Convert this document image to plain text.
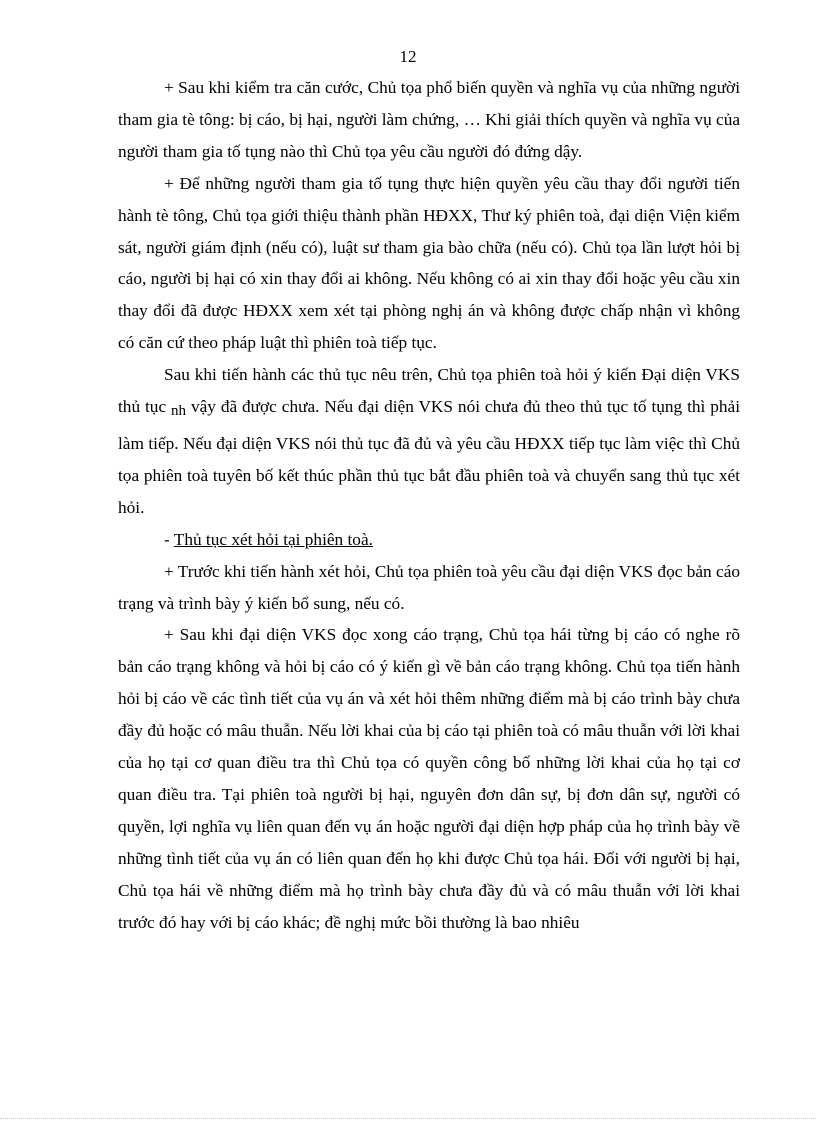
12

+ Sau khi kiểm tra căn cước, Chủ tọa phổ biến quyền và nghĩa vụ của những người tham gia tè tông: bị cáo, bị hại, người làm chứng, … Khi giải thích quyền và nghĩa vụ của người tham gia tố tụng nào thì Chủ tọa yêu cầu người đó đứng dậy.

+ Để những người tham gia tố tụng thực hiện quyền yêu cầu thay đổi người tiến hành tè tông, Chủ tọa giới thiệu thành phần HĐXX, Thư ký phiên toà, đại diện Viện kiểm sát, người giám định (nếu có), luật sư tham gia bào chữa (nếu có). Chủ tọa lần lượt hỏi bị cáo, người bị hại có xin thay đổi ai không. Nếu không có ai xin thay đổi hoặc yêu cầu xin thay đổi đã được HĐXX xem xét tại phòng nghị án và không được chấp nhận vì không có căn cứ theo pháp luật thì phiên toà tiếp tục.

Sau khi tiến hành các thủ tục nêu trên, Chủ tọa phiên toà hỏi ý kiến Đại diện VKS thủ tục nh vậy đã được chưa. Nếu đại diện VKS nói chưa đủ theo thủ tục tố tụng thì phải làm tiếp. Nếu đại diện VKS nói thủ tục đã đủ và yêu cầu HĐXX tiếp tục làm việc thì Chủ tọa phiên toà tuyên bố kết thúc phần thủ tục bắt đầu phiên toà và chuyển sang thủ tục xét hỏi.

- Thủ tục xét hỏi tại phiên toà.

+ Trước khi tiến hành xét hỏi, Chủ tọa phiên toà yêu cầu đại diện VKS đọc bản cáo trạng và trình bày ý kiến bổ sung, nếu có.

+ Sau khi đại diện VKS đọc xong cáo trạng, Chủ tọa hái từng bị cáo có nghe rõ bản cáo trạng không và hỏi bị cáo có ý kiến gì về bản cáo trạng không. Chủ tọa tiến hành hỏi bị cáo về các tình tiết của vụ án và xét hỏi thêm những điểm mà bị cáo trình bày chưa đầy đủ hoặc có mâu thuẫn. Nếu lời khai của bị cáo tại phiên toà có mâu thuẫn với lời khai của họ tại cơ quan điều tra thì Chủ tọa có quyền công bố những lời khai của họ tại cơ quan điều tra. Tại phiên toà người bị hại, nguyên đơn dân sự, bị đơn dân sự, người có quyền, lợi nghĩa vụ liên quan đến vụ án hoặc người đại diện hợp pháp của họ trình bày về những tình tiết của vụ án có liên quan đến họ khi được Chủ tọa hái. Đối với người bị hại, Chủ tọa hái về những điểm mà họ trình bày chưa đầy đủ và có mâu thuẫn với lời khai trước đó hay với bị cáo khác; đề nghị mức bồi thường là bao nhiêu
